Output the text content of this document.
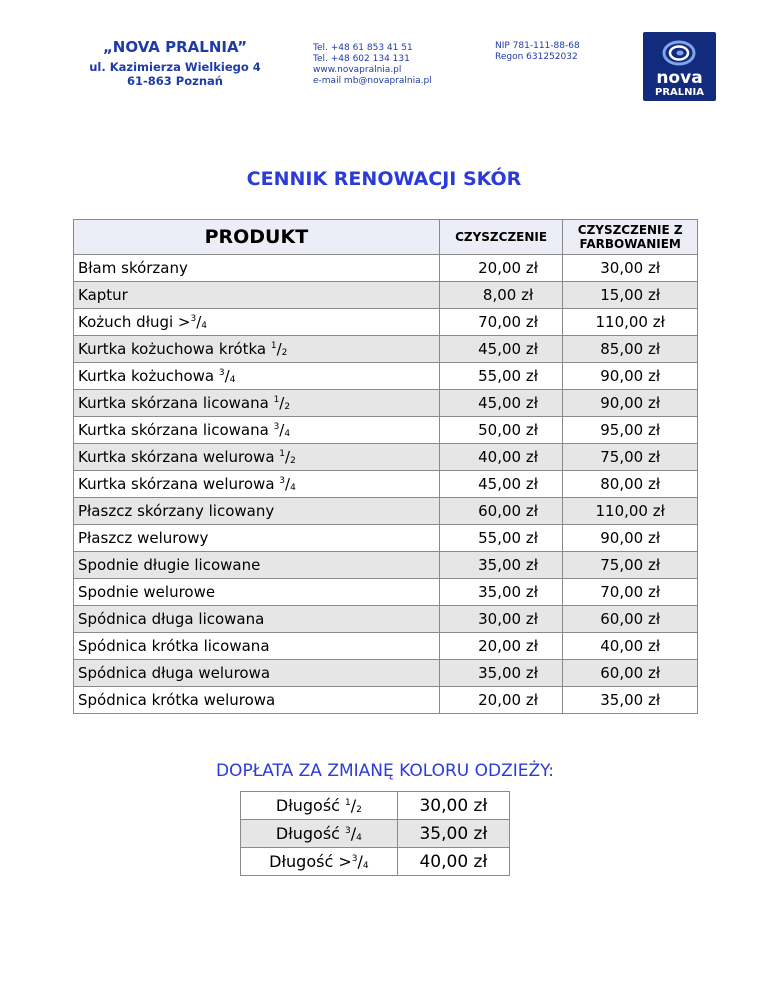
„NOVA PRALNIA”
ul. Kazimierza Wielkiego 4
61-863 Poznań
Tel. +48 61 853 41 51
Tel. +48 602 134 131
www.novapralnia.pl
e-mail mb@novapralnia.pl
NIP 781-111-88-68
Regon 631252032
nova
PRALNIA
CENNIK RENOWACJI SKÓR
PRODUKT	CZYSZCZENIE	CZYSZCZENIE Z
FARBOWANIEM

Błam skórzany	20,00 zł	30,00 zł
Kaptur	8,00 zł	15,00 zł
Kożuch długi $>^3/_4$	70,00 zł	110,00 zł
Kurtka kożuchowa krótka $^1/_2$	45,00 zł	85,00 zł
Kurtka kożuchowa $^3/_4$	55,00 zł	90,00 zł
Kurtka skórzana licowana $^1/_2$	45,00 zł	90,00 zł
Kurtka skórzana licowana $^3/_4$	50,00 zł	95,00 zł
Kurtka skórzana welurowa $^1/_2$	40,00 zł	75,00 zł
Kurtka skórzana welurowa $^3/_4$	45,00 zł	80,00 zł
Płaszcz skórzany licowany	60,00 zł	110,00 zł
Płaszcz welurowy	55,00 zł	90,00 zł
Spodnie długie licowane	35,00 zł	75,00 zł
Spodnie welurowe	35,00 zł	70,00 zł
Spódnica długa licowana	30,00 zł	60,00 zł
Spódnica krótka licowana	20,00 zł	40,00 zł
Spódnica długa welurowa	35,00 zł	60,00 zł
Spódnica krótka welurowa	20,00 zł	35,00 zł
DOPŁATA ZA ZMIANĘ KOLORU ODZIEŻY:
Długość $^1/_2$	30,00 zł
Długość $^3/_4$	35,00 zł
Długość $>^3/_4$	40,00 zł
